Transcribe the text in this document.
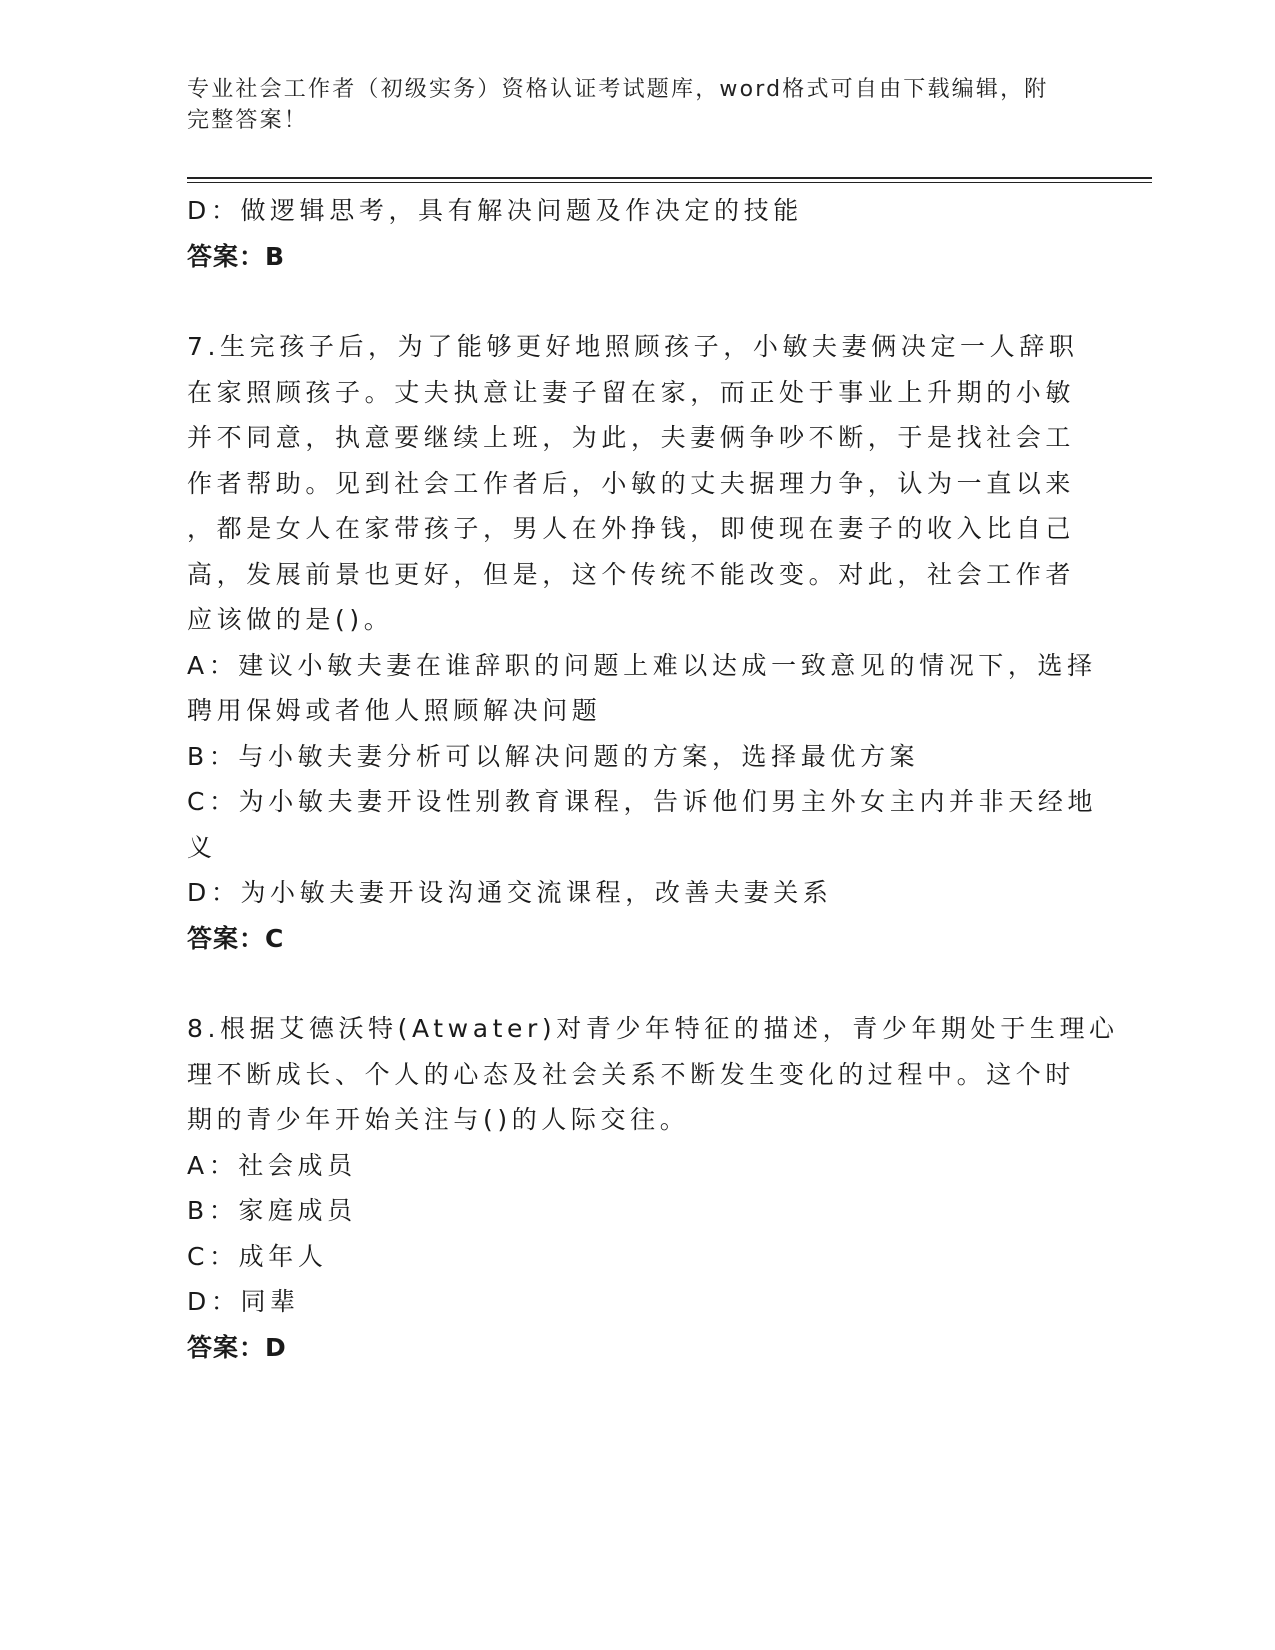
专业社会工作者（初级实务）资格认证考试题库，word格式可自由下载编辑，附
完整答案！

D：做逻辑思考，具有解决问题及作决定的技能

答案：B

7.生完孩子后，为了能够更好地照顾孩子，小敏夫妻俩决定一人辞职

在家照顾孩子。丈夫执意让妻子留在家，而正处于事业上升期的小敏

并不同意，执意要继续上班，为此，夫妻俩争吵不断，于是找社会工

作者帮助。见到社会工作者后，小敏的丈夫据理力争，认为一直以来

，都是女人在家带孩子，男人在外挣钱，即使现在妻子的收入比自己

高，发展前景也更好，但是，这个传统不能改变。对此，社会工作者

应该做的是()。

A：建议小敏夫妻在谁辞职的问题上难以达成一致意见的情况下，选择

聘用保姆或者他人照顾解决问题

B：与小敏夫妻分析可以解决问题的方案，选择最优方案

C：为小敏夫妻开设性别教育课程，告诉他们男主外女主内并非天经地

义

D：为小敏夫妻开设沟通交流课程，改善夫妻关系

答案：C

8.根据艾德沃特(Atwater)对青少年特征的描述，青少年期处于生理心

理不断成长、个人的心态及社会关系不断发生变化的过程中。这个时

期的青少年开始关注与()的人际交往。

A：社会成员

B：家庭成员

C：成年人

D：同辈

答案：D
